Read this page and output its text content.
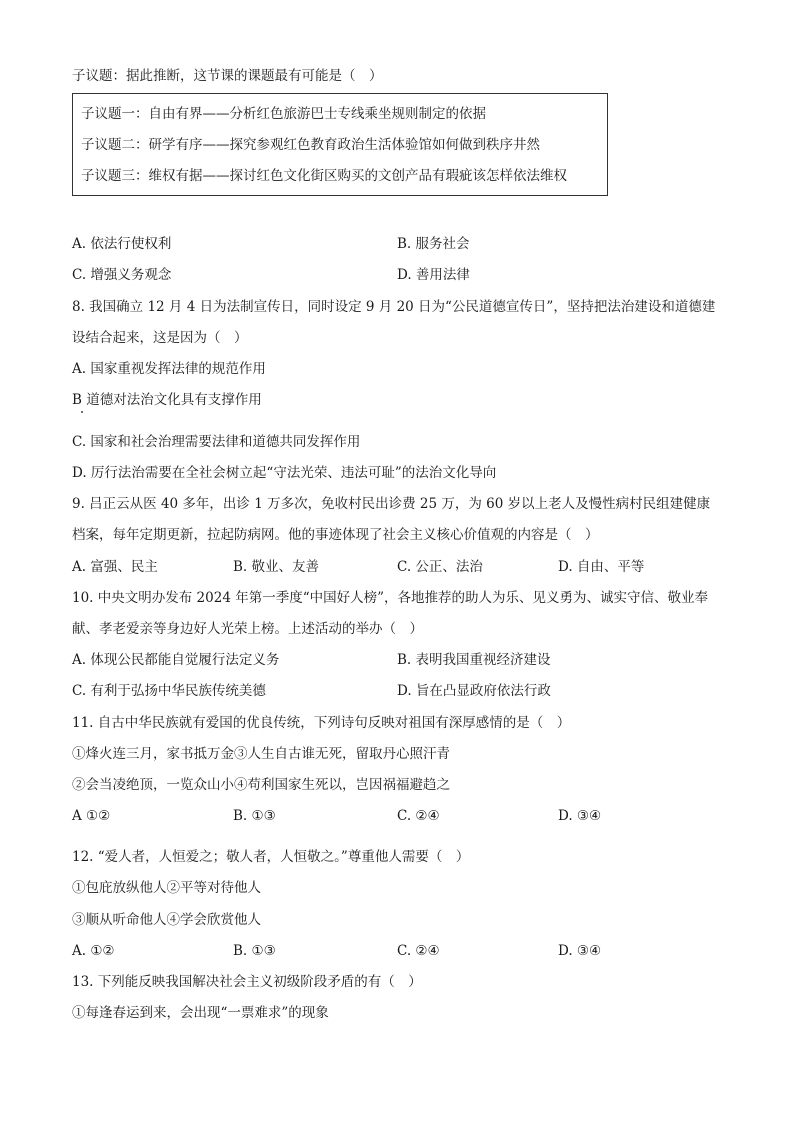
子议题：据此推断，这节课的课题最有可能是（　）
子议题一：自由有界——分析红色旅游巴士专线乘坐规则制定的依据
子议题二：研学有序——探究参观红色教育政治生活体验馆如何做到秩序井然
子议题三：维权有据——探讨红色文化街区购买的文创产品有瑕疵该怎样依法维权
A. 依法行使权利	B. 服务社会
C. 增强义务观念	D. 善用法律
8. 我国确立 12 月 4 日为法制宣传日，同时设定 9 月 20 日为“公民道德宣传日”，坚持把法治建设和道德建
设结合起来，这是因为（　）
A. 国家重视发挥法律的规范作用
B 道德对法治文化具有支撑作用
C. 国家和社会治理需要法律和道德共同发挥作用
D. 厉行法治需要在全社会树立起“守法光荣、违法可耻”的法治文化导向
9. 吕正云从医 40 多年，出诊 1 万多次，免收村民出诊费 25 万，为 60 岁以上老人及慢性病村民组建健康
档案，每年定期更新，拉起防病网。他的事迹体现了社会主义核心价值观的内容是（　）
A. 富强、民主	B. 敬业、友善	C. 公正、法治	D. 自由、平等
10. 中央文明办发布 2024 年第一季度“中国好人榜”，各地推荐的助人为乐、见义勇为、诚实守信、敬业奉
献、孝老爱亲等身边好人光荣上榜。上述活动的举办（　）
A. 体现公民都能自觉履行法定义务	B. 表明我国重视经济建设
C. 有利于弘扬中华民族传统美德	D. 旨在凸显政府依法行政
11. 自古中华民族就有爱国的优良传统，下列诗句反映对祖国有深厚感情的是（　）
①烽火连三月，家书抵万金③人生自古谁无死，留取丹心照汗青
②会当凌绝顶，一览众山小④苟利国家生死以，岂因祸福避趋之
A ①②	B. ①③	C. ②④	D. ③④
12. “爱人者，人恒爱之；敬人者，人恒敬之。”尊重他人需要（　）
①包庇放纵他人②平等对待他人
③顺从听命他人④学会欣赏他人
A. ①②	B. ①③	C. ②④	D. ③④
13. 下列能反映我国解决社会主义初级阶段矛盾的有（　）
①每逢春运到来，会出现“一票难求”的现象
